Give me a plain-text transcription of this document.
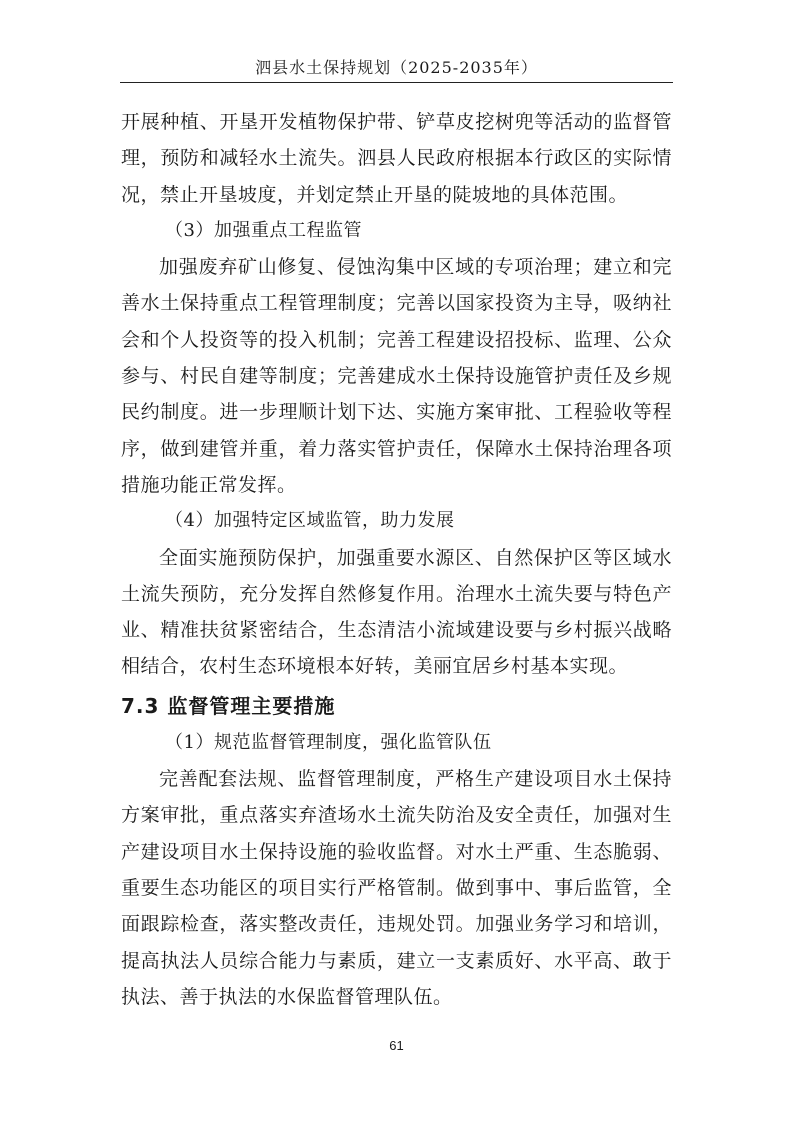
泗县水土保持规划（2025-2035年）

开展种植、开垦开发植物保护带、铲草皮挖树兜等活动的监督管理，预防和减轻水土流失。泗县人民政府根据本行政区的实际情况，禁止开垦坡度，并划定禁止开垦的陡坡地的具体范围。

（3）加强重点工程监管

加强废弃矿山修复、侵蚀沟集中区域的专项治理；建立和完善水土保持重点工程管理制度；完善以国家投资为主导，吸纳社会和个人投资等的投入机制；完善工程建设招投标、监理、公众参与、村民自建等制度；完善建成水土保持设施管护责任及乡规民约制度。进一步理顺计划下达、实施方案审批、工程验收等程序，做到建管并重，着力落实管护责任，保障水土保持治理各项措施功能正常发挥。

（4）加强特定区域监管，助力发展

全面实施预防保护，加强重要水源区、自然保护区等区域水土流失预防，充分发挥自然修复作用。治理水土流失要与特色产业、精准扶贫紧密结合，生态清洁小流域建设要与乡村振兴战略相结合，农村生态环境根本好转，美丽宜居乡村基本实现。

7.3 监督管理主要措施

（1）规范监督管理制度，强化监管队伍

完善配套法规、监督管理制度，严格生产建设项目水土保持方案审批，重点落实弃渣场水土流失防治及安全责任，加强对生产建设项目水土保持设施的验收监督。对水土严重、生态脆弱、重要生态功能区的项目实行严格管制。做到事中、事后监管，全面跟踪检查，落实整改责任，违规处罚。加强业务学习和培训，提高执法人员综合能力与素质，建立一支素质好、水平高、敢于执法、善于执法的水保监督管理队伍。

61
